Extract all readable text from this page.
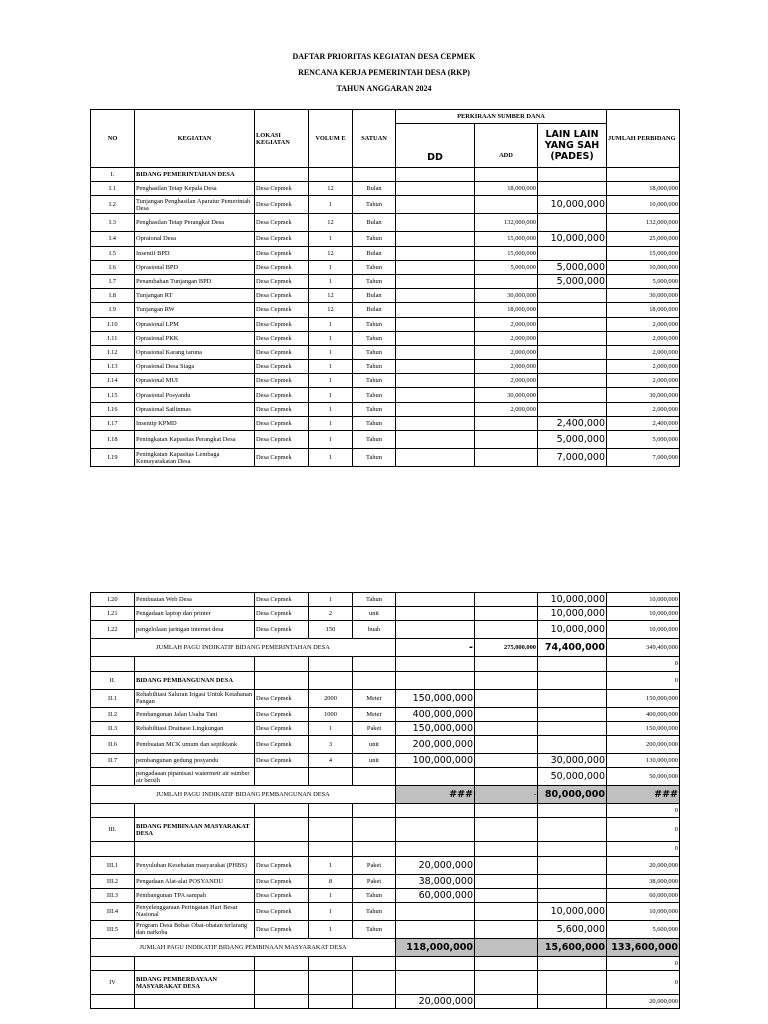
DAFTAR PRIORITAS KEGIATAN DESA CEPMEK
RENCANA KERJA PEMERINTAH DESA (RKP)
TAHUN ANGGARAN 2024
NO	KEGIATAN	LOKASI KEGIATAN	VOLUM E	SATUAN	PERKIRAAN SUMBER DANA			JUMLAH PERBIDANG
					DD	ADD	LAIN LAIN YANG SAH (PADES)	
I.	BIDANG PEMERINTAHAN DESA							
I.1	Penghasilan Tetap Kepala Desa	Desa Cepmek	12	Bulan		18,000,000		18,000,000
I.2	Tunjangan Penghasilan Aparatur Pemerintah Desa	Desa Cepmek	1	Tahun			10,000,000	10,000,000
I.3	Penghasilan Tetap Perangkat Desa	Desa Cepmek	12	Bulan		132,000,000		132,000,000
I.4	Opraional Desa	Desa Cepmek	1	Tahun		15,000,000	10,000,000	25,000,000
I.5	Insentif BPD	Desa Cepmek	12	Bulan		15,000,000		15,000,000
I.6	Oprasional BPD	Desa Cepmek	1	Tahun		5,000,000	5,000,000	10,000,000
I.7	Penambahan Tunjangan BPD	Desa Cepmek	1	Tahun			5,000,000	5,000,000
I.8	Tunjangan RT	Desa Cepmek	12	Bulan		30,000,000		30,000,000
I.9	Tunjangan RW	Desa Cepmek	12	Bulan		18,000,000		18,000,000
I.10	Oprasional LPM	Desa Cepmek	1	Tahun		2,000,000		2,000,000
I.11	Oprasional PKK	Desa Cepmek	1	Tahun		2,000,000		2,000,000
I.12	Oprasional Karang taruna	Desa Cepmek	1	Tahun		2,000,000		2,000,000
I.13	Oprasional Desa Siaga	Desa Cepmek	1	Tahun		2,000,000		2,000,000
I.14	Oprasional MUI	Desa Cepmek	1	Tahun		2,000,000		2,000,000
I.15	Oprasional Posyandu	Desa Cepmek	1	Tahun		30,000,000		30,000,000
I.16	Oprasional Satlinmas	Desa Cepmek	1	Tahun		2,000,000		2,000,000
I.17	Insentip KPMD	Desa Cepmek	1	Tahun			2,400,000	2,400,000
I.18	Peningkatan Kapasitas Perangkat Desa	Desa Cepmek	1	Tahun			5,000,000	5,000,000
I.19	Peningkatan Kapasitas Lembaga Kemayarakatan Desa	Desa Cepmek	1	Tahun			7,000,000	7,000,000
I.20	Pembuatan Web Desa	Desa Cepmek	1	Tahun			10,000,000	10,000,000
I.21	Pengadaan laptop dan printer	Desa Cepmek	2	unit			10,000,000	10,000,000
I.22	pengelolaan jaringan internet desa	Desa Cepmek	150	buah			10,000,000	10,000,000
JUMLAH PAGU INDIKATIF BIDANG PEMERINTAHAN DESA					-	275,000,000	74,400,000	349,400,000
								0
II.	BIDANG PEMBANGUNAN DESA							0
II.1	Rehabilitasi Saluran Irigasi Untuk Ketahanan Pangan	Desa Cepmek	2000	Meter	150,000,000			150,000,000
II.2	Pembangunan Jalan Usaha Tani	Desa Cepmek	1000	Meter	400,000,000			400,000,000
II.3	Rehabilitasi Drainase Lingkungan	Desa Cepmek	1	Paket	150,000,000			150,000,000
II.6	Pembuatan MCK umum dan septiktank	Desa Cepmek	3	unit	200,000,000			200,000,000
II.7	pembangunan gedung posyandu	Desa Cepmek	4	unit	100,000,000		30,000,000	130,000,000
	pengadaaan pipanisasi watermetr air sumber air bersih						50,000,000	50,000,000
JUMLAH PAGU INDIKATIF BIDANG PEMBANGUNAN DESA					###	-	80,000,000	###
								0
III.	BIDANG PEMBINAAN MASYARAKAT DESA							0
								0
III.1	Penyuluhan Kesehatan masyarakat (PHBS)	Desa Cepmek	1	Paket	20,000,000			20,000,000
III.2	Pengadaan Alat-alat POSYANDU	Desa Cepmek	8	Paket	38,000,000			38,000,000
III.3	Pembangunan TPA sampah	Desa Cepmek	1	Tahun	60,000,000			60,000,000
III.4	Penyelenggaraan Peringatan Hari Besar Nasional	Desa Cepmek	1	Tahun			10,000,000	10,000,000
III.5	Program Desa Bebas Obat-obatan terlarang dan narkoba	Desa Cepmek	1	Tahun			5,600,000	5,600,000
JUMLAH PAGU INDIKATIF BIDANG PEMBINAAN MASYARAKAT DESA					118,000,000		15,600,000	133,600,000
								0
IV	BIDANG PEMBERDAYAAN MASYARAKAT DESA							0
					20,000,000			20,000,000
